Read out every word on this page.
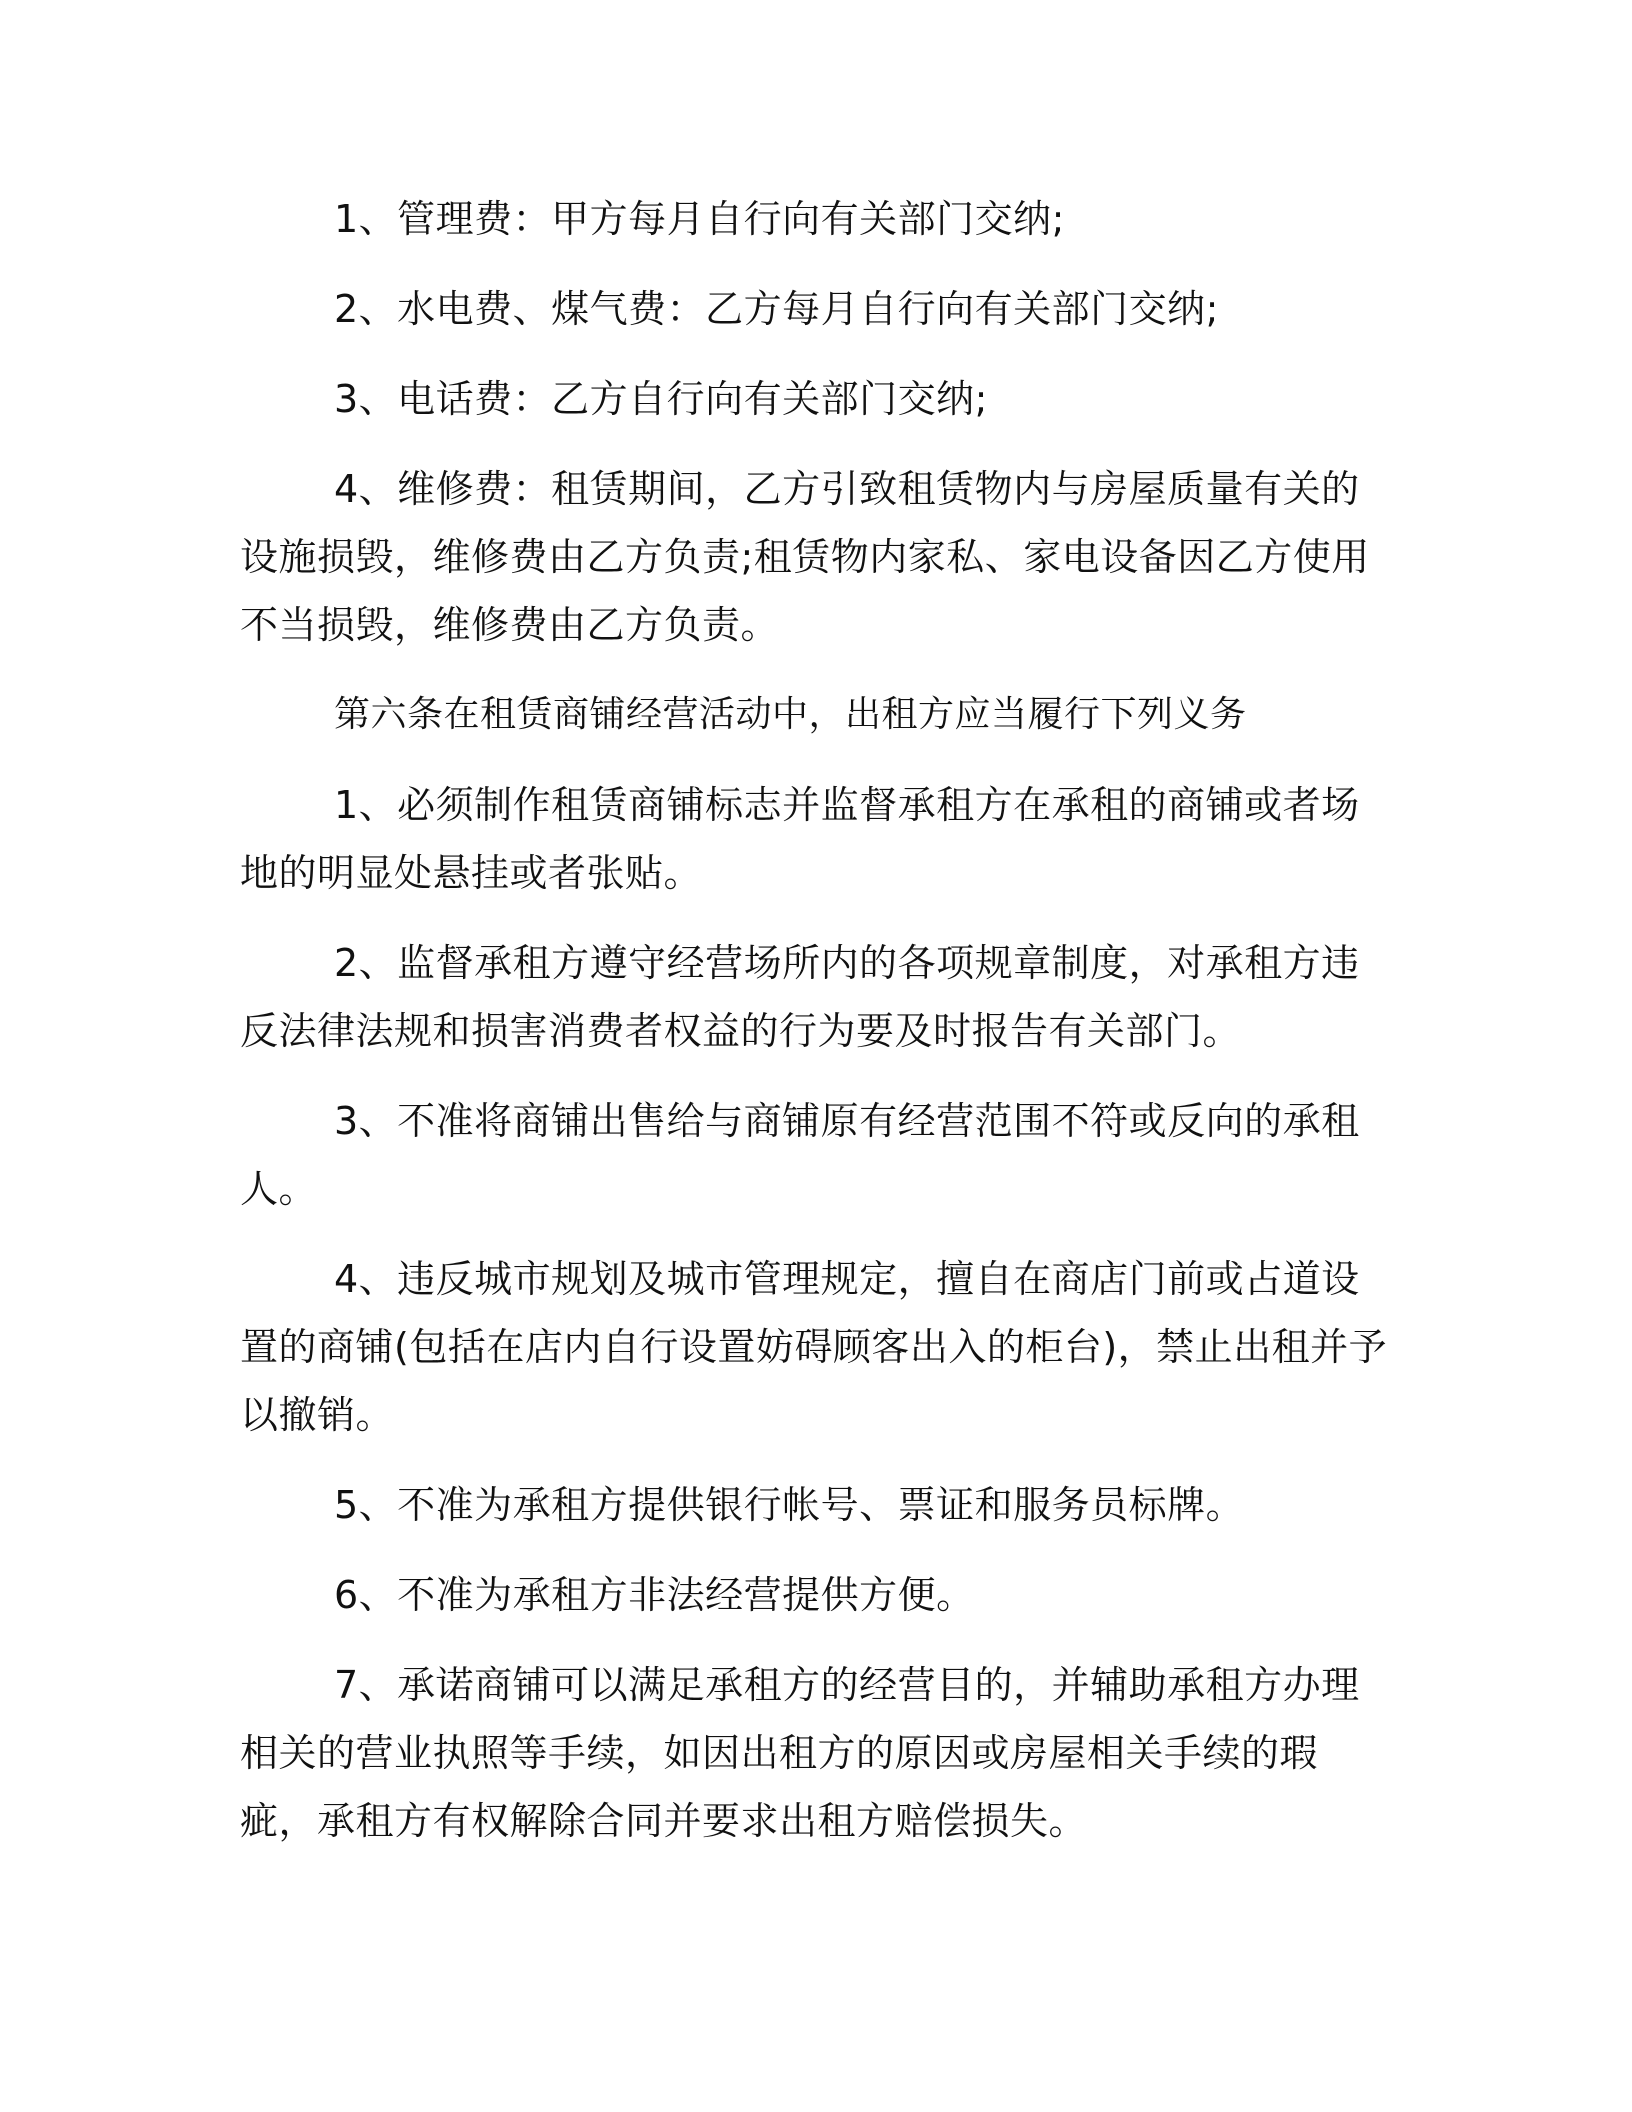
1、管理费：甲方每月自行向有关部门交纳;

2、水电费、煤气费：乙方每月自行向有关部门交纳;

3、电话费：乙方自行向有关部门交纳;

4、维修费：租赁期间，乙方引致租赁物内与房屋质量有关的设施损毁，维修费由乙方负责;租赁物内家私、家电设备因乙方使用不当损毁，维修费由乙方负责。

第六条在租赁商铺经营活动中，出租方应当履行下列义务

1、必须制作租赁商铺标志并监督承租方在承租的商铺或者场地的明显处悬挂或者张贴。

2、监督承租方遵守经营场所内的各项规章制度，对承租方违反法律法规和损害消费者权益的行为要及时报告有关部门。

3、不准将商铺出售给与商铺原有经营范围不符或反向的承租人。

4、违反城市规划及城市管理规定，擅自在商店门前或占道设置的商铺(包括在店内自行设置妨碍顾客出入的柜台)，禁止出租并予以撤销。

5、不准为承租方提供银行帐号、票证和服务员标牌。

6、不准为承租方非法经营提供方便。

7、承诺商铺可以满足承租方的经营目的，并辅助承租方办理相关的营业执照等手续，如因出租方的原因或房屋相关手续的瑕疵，承租方有权解除合同并要求出租方赔偿损失。
